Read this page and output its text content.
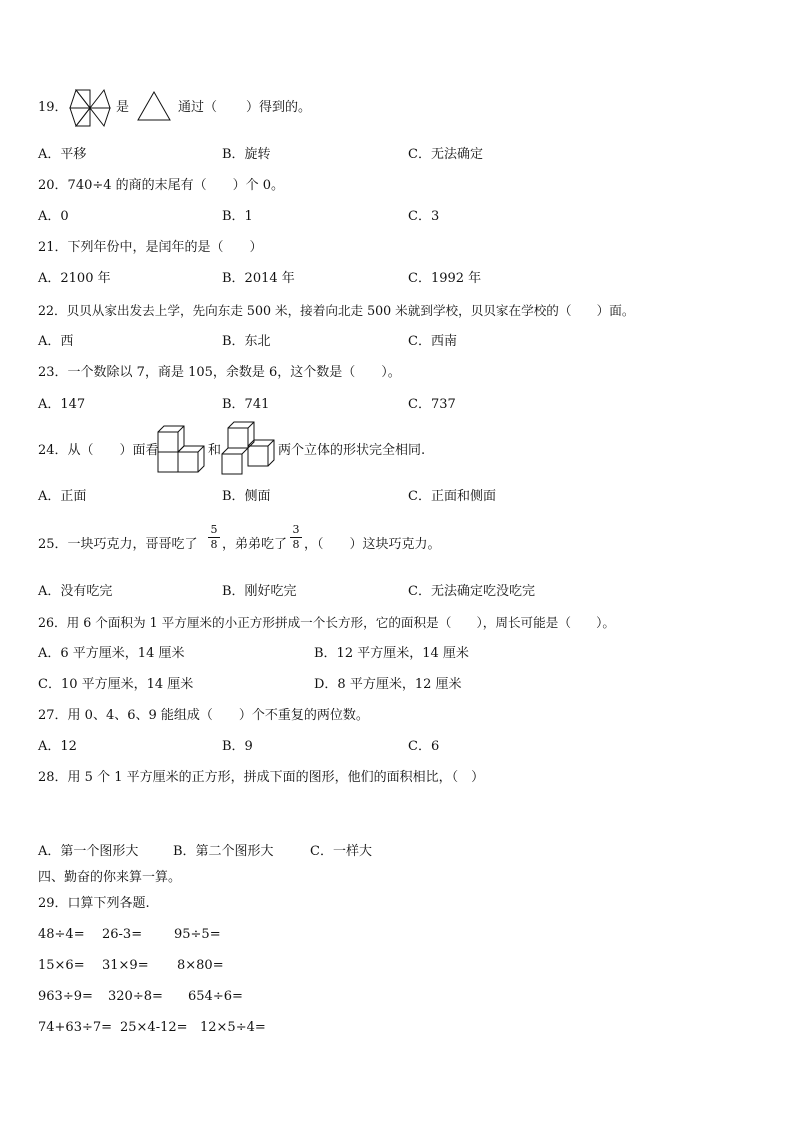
19．	是	通过（ ）得到的。
A．平移	B．旋转	C．无法确定
20．740÷4 的商的末尾有（　　）个 0。
A．0	B．1	C．3
21．下列年份中，是闰年的是（　　）
A．2100 年	B．2014 年	C．1992 年
22．贝贝从家出发去上学，先向东走 500 米，接着向北走 500 米就到学校，贝贝家在学校的（　　）面。
A．西	B．东北	C．西南
23．一个数除以 7，商是 105，余数是 6，这个数是（　　）。
A．147	B．741	C．737
24．从（　　）面看	和	两个立体的形状完全相同.
A．正面	B．侧面	C．正面和侧面
25．一块巧克力，哥哥吃了
5
8 ，弟弟吃了
3
8 ，（　　）这块巧克力。
A．没有吃完	B．刚好吃完	C．无法确定吃没吃完
26．用 6 个面积为 1 平方厘米的小正方形拼成一个长方形，它的面积是（　　），周长可能是（　　）。
A．6 平方厘米，14 厘米	B．12 平方厘米，14 厘米
C．10 平方厘米，14 厘米	D．8 平方厘米，12 厘米
27．用 0、4、6、9 能组成（　　）个不重复的两位数。
A．12	B．9	C．6
28．用 5 个 1 平方厘米的正方形，拼成下面的图形，他们的面积相比，（　）
A．第一个图形大	B．第二个图形大	C．一样大
四、勤奋的你来算一算。
29．口算下列各题.
48÷4= 26-3= 95÷5=
15×6= 31×9= 8×80=
963÷9= 320÷8= 654÷6=
74+63÷7= 25×4-12= 12×5÷4=
